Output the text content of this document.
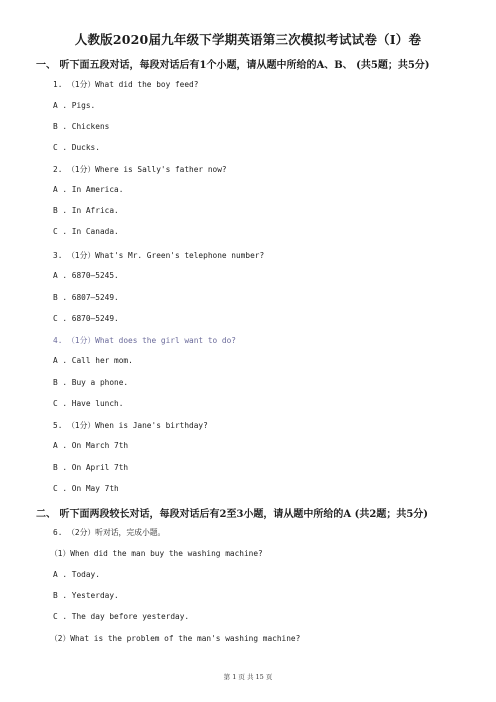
人教版2020届九年级下学期英语第三次模拟考试试卷（I）卷
一、 听下面五段对话，每段对话后有1个小题，请从题中所给的A、B、 (共5题；共5分)
1. （1分）What did the boy feed?
A . Pigs.
B . Chickens
C . Ducks.
2. （1分）Where is Sally's father now?
A . In America.
B . In Africa.
C . In Canada.
3. （1分）What's Mr. Green's telephone number?
A . 6870—5245.
B . 6807—5249.
C . 6870—5249.
4. （1分）What does the girl want to do?
A . Call her mom.
B . Buy a phone.
C . Have lunch.
5. （1分）When is Jane's birthday?
A . On March 7th
B . On April 7th
C . On May 7th
二、 听下面两段较长对话，每段对话后有2至3小题，请从题中所给的A (共2题；共5分)
6. （2分）听对话，完成小题。
（1）When did the man buy the washing machine?
A . Today.
B . Yesterday.
C . The day before yesterday.
（2）What is the problem of the man's washing machine?
第 1 页 共 15 页
